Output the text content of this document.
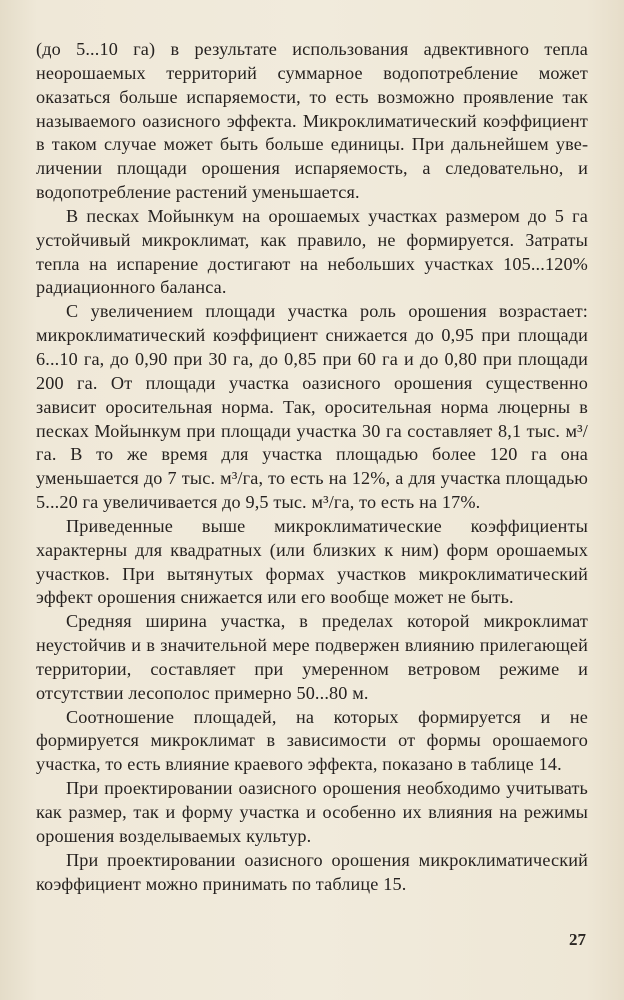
(до 5...10 га) в результате использования адвективного тепла неорошаемых территорий суммарное водопотребление может оказаться больше испаряемости, то есть возможно проявление так называемого оазисного эффекта. Микроклиматический коэффициент в таком случае может быть больше единицы. При дальнейшем увеличении площади орошения испаряемость, а следовательно, и водопотребление растений уменьшается.

В песках Мойынкум на орошаемых участках размером до 5 га устойчивый микроклимат, как правило, не формируется. Затраты тепла на испарение достигают на небольших участках 105...120% радиационного баланса.

С увеличением площади участка роль орошения возрастает: микроклиматический коэффициент снижается до 0,95 при площади 6...10 га, до 0,90 при 30 га, до 0,85 при 60 га и до 0,80 при площади 200 га. От площади участка оазисного орошения существенно зависит оросительная норма. Так, оросительная норма люцерны в песках Мойынкум при площади участка 30 га составляет 8,1 тыс. м³/га. В то же время для участка площадью более 120 га она уменьшается до 7 тыс. м³/га, то есть на 12%, а для участка площадью 5...20 га увеличивается до 9,5 тыс. м³/га, то есть на 17%.

Приведенные выше микроклиматические коэффициенты характерны для квадратных (или близких к ним) форм орошаемых участков. При вытянутых формах участков микроклиматический эффект орошения снижается или его вообще может не быть.

Средняя ширина участка, в пределах которой микроклимат неустойчив и в значительной мере подвержен влиянию прилегающей территории, составляет при умеренном ветровом режиме и отсутствии лесополос примерно 50...80 м.

Соотношение площадей, на которых формируется и не формируется микроклимат в зависимости от формы орошаемого участка, то есть влияние краевого эффекта, показано в таблице 14.

При проектировании оазисного орошения необходимо учитывать как размер, так и форму участка и особенно их влияния на режимы орошения возделываемых культур.

При проектировании оазисного орошения микроклиматический коэффициент можно принимать по таблице 15.

27
